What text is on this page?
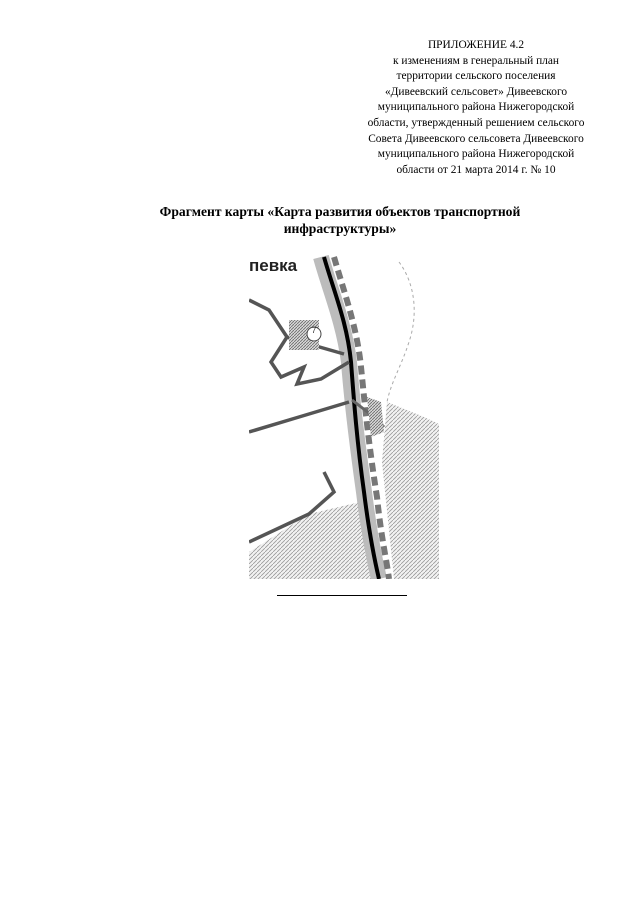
ПРИЛОЖЕНИЕ 4.2
к изменениям в генеральный план
территории сельского поселения
«Дивеевский сельсовет» Дивеевского
муниципального района Нижегородской
области, утвержденный решением сельского
Совета Дивеевского сельсовета Дивеевского
муниципального района Нижегородской
области от 21 марта 2014 г. № 10
Фрагмент карты «Карта развития объектов транспортной
инфраструктуры»
певка
7
